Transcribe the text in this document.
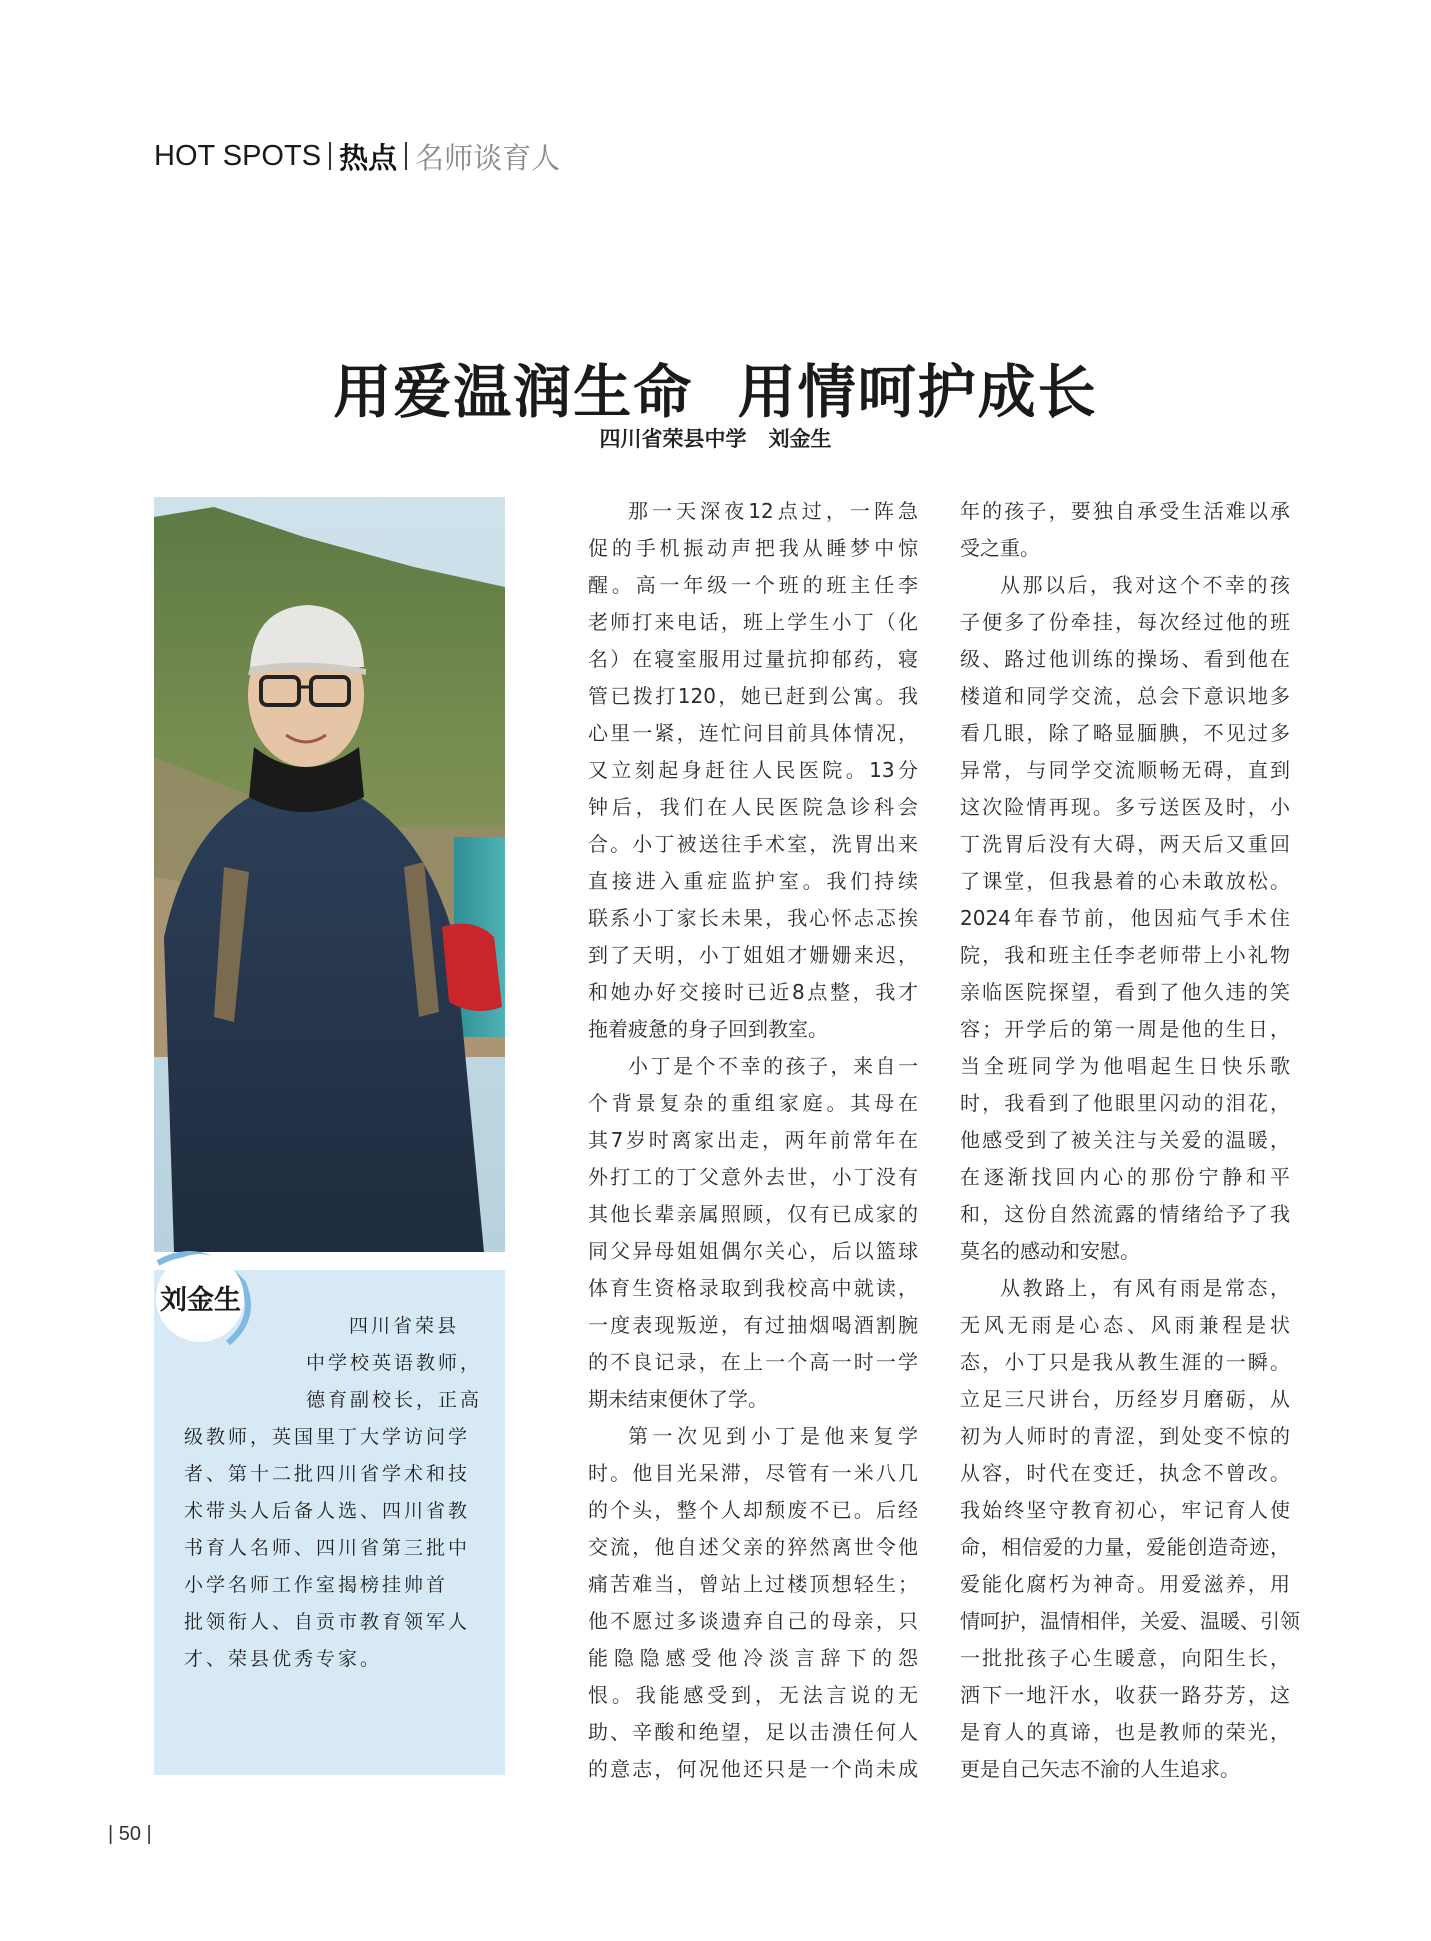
HOT SPOTS 热点 名师谈育人
用爱温润生命  用情呵护成长
四川省荣县中学   刘金生
刘金生
四川省荣县
中学校英语教师，
德育副校长，正高
级教师，英国里丁大学访问学
者、第十二批四川省学术和技
术带头人后备人选、四川省教
书育人名师、四川省第三批中
小学名师工作室揭榜挂帅首
批领衔人、自贡市教育领军人
才、荣县优秀专家。
那一天深夜12点过，一阵急
促的手机振动声把我从睡梦中惊
醒。高一年级一个班的班主任李
老师打来电话，班上学生小丁（化
名）在寝室服用过量抗抑郁药，寝
管已拨打120，她已赶到公寓。我
心里一紧，连忙问目前具体情况，
又立刻起身赶往人民医院。13分
钟后，我们在人民医院急诊科会
合。小丁被送往手术室，洗胃出来
直接进入重症监护室。我们持续
联系小丁家长未果，我心怀忐忑挨
到了天明，小丁姐姐才姗姗来迟，
和她办好交接时已近8点整，我才
拖着疲惫的身子回到教室。
小丁是个不幸的孩子，来自一
个背景复杂的重组家庭。其母在
其7岁时离家出走，两年前常年在
外打工的丁父意外去世，小丁没有
其他长辈亲属照顾，仅有已成家的
同父异母姐姐偶尔关心，后以篮球
体育生资格录取到我校高中就读，
一度表现叛逆，有过抽烟喝酒割腕
的不良记录，在上一个高一时一学
期未结束便休了学。
第一次见到小丁是他来复学
时。他目光呆滞，尽管有一米八几
的个头，整个人却颓废不已。后经
交流，他自述父亲的猝然离世令他
痛苦难当，曾站上过楼顶想轻生；
他不愿过多谈遗弃自己的母亲，只
能隐隐感受他冷淡言辞下的怨
恨。我能感受到，无法言说的无
助、辛酸和绝望，足以击溃任何人
的意志，何况他还只是一个尚未成
年的孩子，要独自承受生活难以承
受之重。
从那以后，我对这个不幸的孩
子便多了份牵挂，每次经过他的班
级、路过他训练的操场、看到他在
楼道和同学交流，总会下意识地多
看几眼，除了略显腼腆，不见过多
异常，与同学交流顺畅无碍，直到
这次险情再现。多亏送医及时，小
丁洗胃后没有大碍，两天后又重回
了课堂，但我悬着的心未敢放松。
2024年春节前，他因疝气手术住
院，我和班主任李老师带上小礼物
亲临医院探望，看到了他久违的笑
容；开学后的第一周是他的生日，
当全班同学为他唱起生日快乐歌
时，我看到了他眼里闪动的泪花，
他感受到了被关注与关爱的温暖，
在逐渐找回内心的那份宁静和平
和，这份自然流露的情绪给予了我
莫名的感动和安慰。
从教路上，有风有雨是常态，
无风无雨是心态、风雨兼程是状
态，小丁只是我从教生涯的一瞬。
立足三尺讲台，历经岁月磨砺，从
初为人师时的青涩，到处变不惊的
从容，时代在变迁，执念不曾改。
我始终坚守教育初心，牢记育人使
命，相信爱的力量，爱能创造奇迹，
爱能化腐朽为神奇。用爱滋养，用
情呵护，温情相伴，关爱、温暖、引领
一批批孩子心生暖意，向阳生长，
洒下一地汗水，收获一路芬芳，这
是育人的真谛，也是教师的荣光，
更是自己矢志不渝的人生追求。
| 50 |
